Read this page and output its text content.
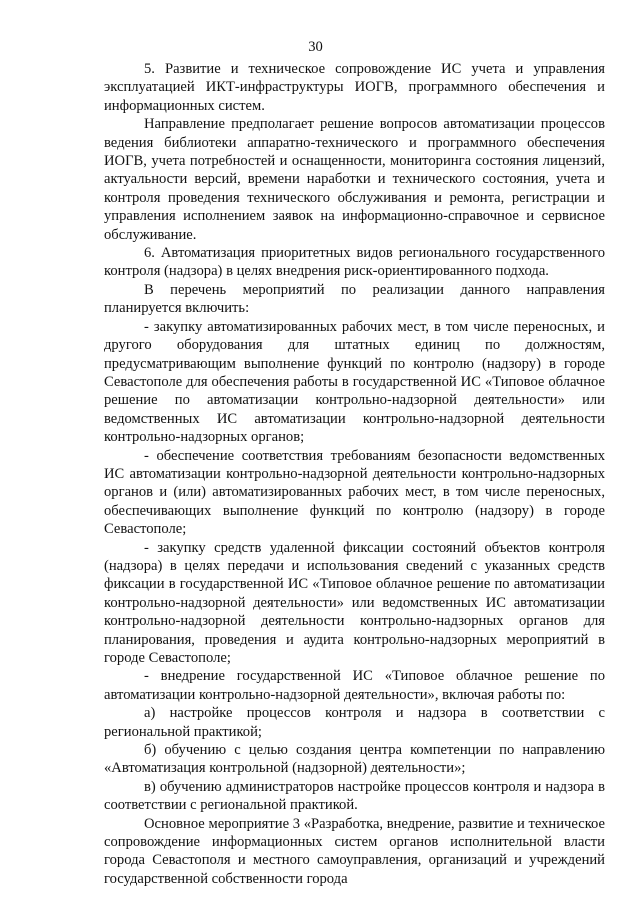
30

5. Развитие и техническое сопровождение ИС учета и управления эксплуатацией ИКТ-инфраструктуры ИОГВ, программного обеспечения и информационных систем.

Направление предполагает решение вопросов автоматизации процессов ведения библиотеки аппаратно-технического и программного обеспечения ИОГВ, учета потребностей и оснащенности, мониторинга состояния лицензий, актуальности версий, времени наработки и технического состояния, учета и контроля проведения технического обслуживания и ремонта, регистрации и управления исполнением заявок на информационно-справочное и сервисное обслуживание.

6. Автоматизация приоритетных видов регионального государственного контроля (надзора) в целях внедрения риск-ориентированного подхода.

В перечень мероприятий по реализации данного направления планируется включить:

- закупку автоматизированных рабочих мест, в том числе переносных, и другого оборудования для штатных единиц по должностям, предусматривающим выполнение функций по контролю (надзору) в городе Севастополе для обеспечения работы в государственной ИС «Типовое облачное решение по автоматизации контрольно-надзорной деятельности» или ведомственных ИС автоматизации контрольно-надзорной деятельности контрольно-надзорных органов;

- обеспечение соответствия требованиям безопасности ведомственных ИС автоматизации контрольно-надзорной деятельности контрольно-надзорных органов и (или) автоматизированных рабочих мест, в том числе переносных, обеспечивающих выполнение функций по контролю (надзору) в городе Севастополе;

- закупку средств удаленной фиксации состояний объектов контроля (надзора) в целях передачи и использования сведений с указанных средств фиксации в государственной ИС «Типовое облачное решение по автоматизации контрольно-надзорной деятельности» или ведомственных ИС автоматизации контрольно-надзорной деятельности контрольно-надзорных органов для планирования, проведения и аудита контрольно-надзорных мероприятий в городе Севастополе;

- внедрение государственной ИС «Типовое облачное решение по автоматизации контрольно-надзорной деятельности», включая работы по:

а) настройке процессов контроля и надзора в соответствии с региональной практикой;

б) обучению с целью создания центра компетенции по направлению «Автоматизация контрольной (надзорной) деятельности»;

в) обучению администраторов настройке процессов контроля и надзора в соответствии с региональной практикой.

Основное мероприятие 3 «Разработка, внедрение, развитие и техническое сопровождение информационных систем органов исполнительной власти города Севастополя и местного самоуправления, организаций и учреждений государственной собственности города
